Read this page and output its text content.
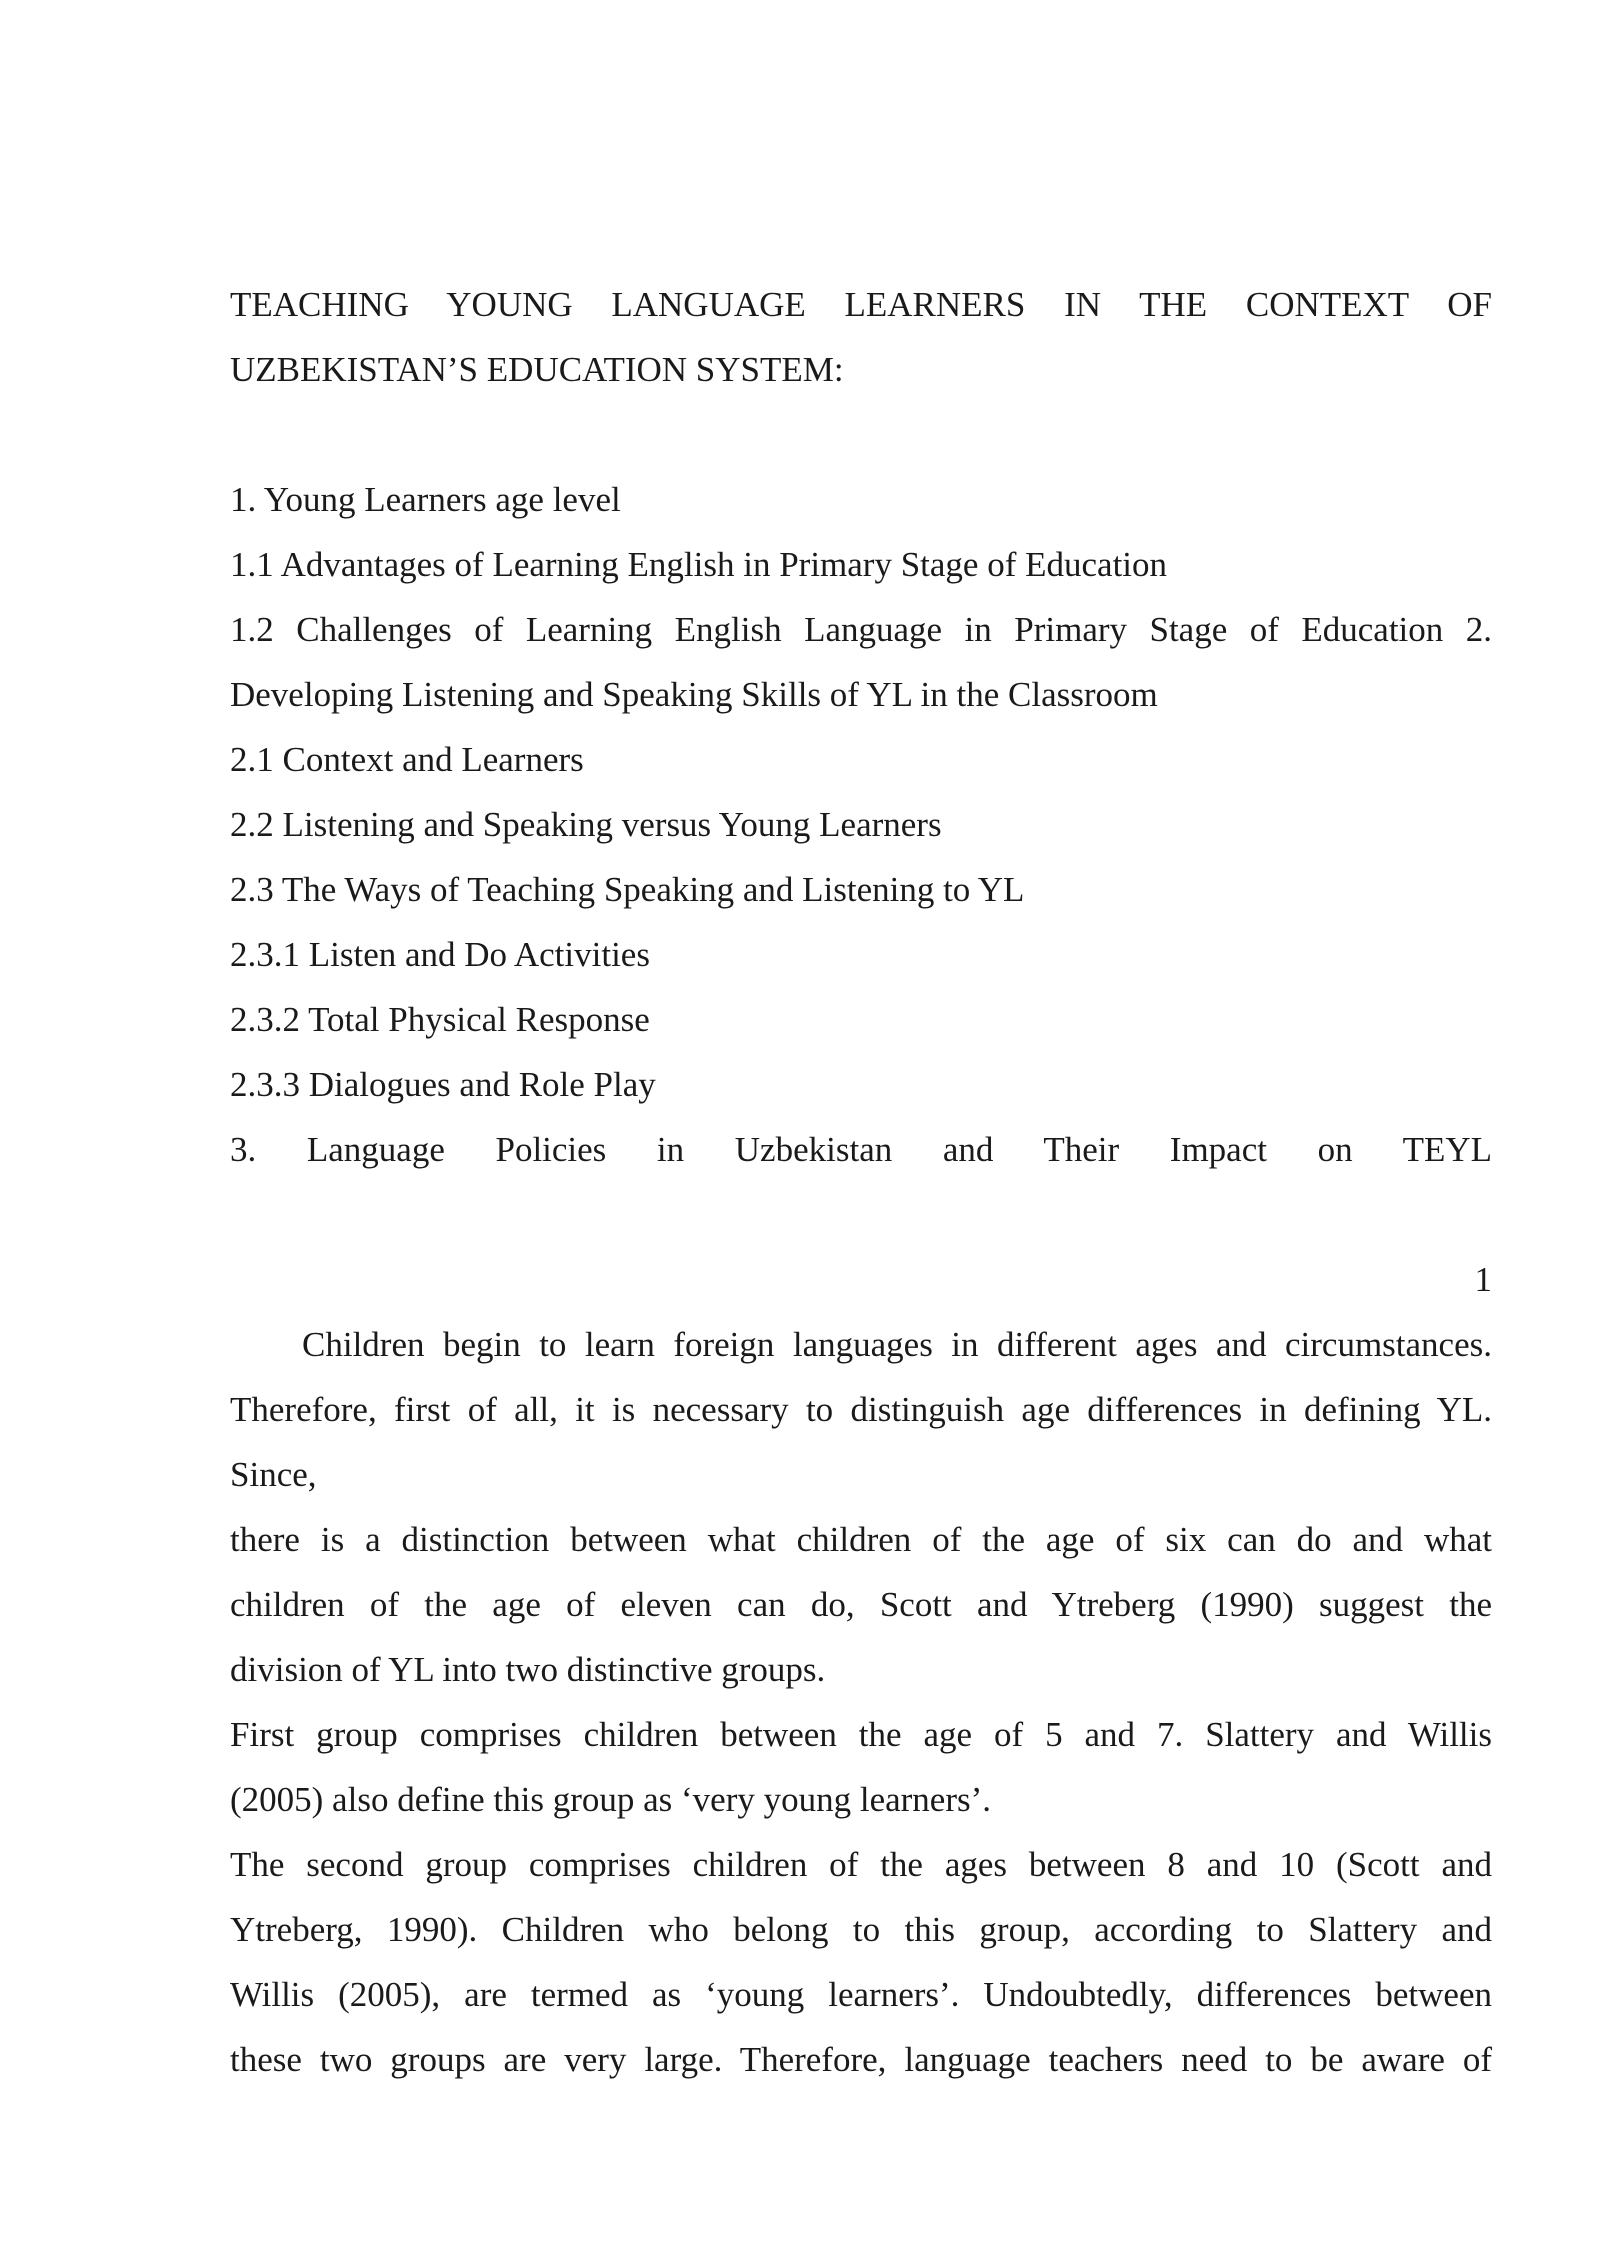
TEACHING YOUNG LANGUAGE LEARNERS IN THE CONTEXT OF
UZBEKISTAN’S EDUCATION SYSTEM:
1. Young Learners age level
1.1 Advantages of Learning English in Primary Stage of Education
1.2 Challenges of Learning English Language in Primary Stage of Education 2.
Developing Listening and Speaking Skills of YL in the Classroom
2.1 Context and Learners
2.2 Listening and Speaking versus Young Learners
2.3 The Ways of Teaching Speaking and Listening to YL
2.3.1 Listen and Do Activities
2.3.2 Total Physical Response
2.3.3 Dialogues and Role Play
3. Language Policies in Uzbekistan and Their Impact on TEYL
1
Children begin to learn foreign languages in different ages and circumstances.
Therefore, first of all, it is necessary to distinguish age differences in defining YL.
Since,
there is a distinction between what children of the age of six can do and what
children of the age of eleven can do, Scott and Ytreberg (1990) suggest the
division of YL into two distinctive groups.
First group comprises children between the age of 5 and 7. Slattery and Willis
(2005) also define this group as ‘very young learners’.
The second group comprises children of the ages between 8 and 10 (Scott and
Ytreberg, 1990). Children who belong to this group, according to Slattery and
Willis (2005), are termed as ‘young learners’. Undoubtedly, differences between
these two groups are very large. Therefore, language teachers need to be aware of
